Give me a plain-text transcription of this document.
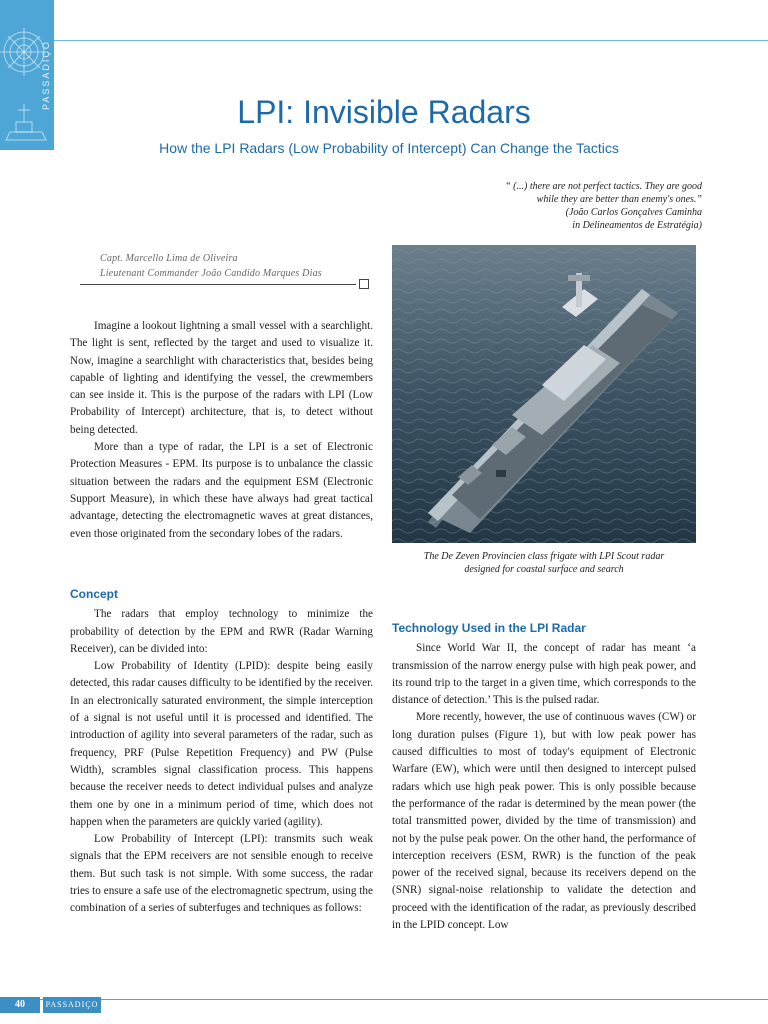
PASSADIÇO
LPI: Invisible Radars

How the LPI Radars (Low Probability of Intercept) Can Change the Tactics

“ (...) there are not perfect tactics. They are good

while they are better than enemy's ones.”

(João Carlos Gonçalves Caminha

in Delineamentos de Estratégia)

Capt. Marcello Lima de Oliveira

Lieutenant Commander João Candido Marques Dias

Imagine a lookout lightning a small vessel with a searchlight. The light is sent, reflected by the target and used to visualize it. Now, imagine a searchlight with characteristics that, besides being capable of lighting and identifying the vessel, the crewmembers can see inside it. This is the purpose of the radars with LPI (Low Probability of Intercept) architecture, that is, to detect without being detected.

More than a type of radar, the LPI is a set of Electronic Protection Measures - EPM. Its purpose is to unbalance the classic situation between the radars and the equipment ESM (Electronic Support Measure), in which these have always had great tactical advantage, detecting the electromagnetic waves at great distances, even those originated from the secondary lobes of the radars.

Concept

The radars that employ technology to minimize the probability of detection by the EPM and RWR (Radar Warning Receiver), can be divided into:

Low Probability of Identity (LPID): despite being easily detected, this radar causes difficulty to be identified by the receiver. In an electronically saturated environment, the simple interception of a signal is not useful until it is processed and identified. The introduction of agility into several parameters of the radar, such as frequency, PRF (Pulse Repetition Frequency) and PW (Pulse Width), scrambles signal classification process. This happens because the receiver needs to detect individual pulses and analyze them one by one in a minimum period of time, which does not happen when the parameters are quickly varied (agility).

Low Probability of Intercept (LPI): transmits such weak signals that the EPM receivers are not sensible enough to receive them. But such task is not simple. With some success, the radar tries to ensure a safe use of the electromagnetic spectrum, using the combination of a series of subterfuges and techniques as follows:

The De Zeven Provincien class frigate with LPI Scout radar

designed for coastal surface and search

Technology Used in the LPI Radar

Since World War II, the concept of radar has meant ‘a transmission of the narrow energy pulse with high peak power, and its round trip to the target in a given time, which corresponds to the distance of detection.’ This is the pulsed radar.

More recently, however, the use of continuous waves (CW) or long duration pulses (Figure 1), but with low peak power has caused difficulties to most of today's equipment of Electronic Warfare (EW), which were until then designed to intercept pulsed radars which use high peak power. This is only possible because the performance of the radar is determined by the mean power (the total transmitted power, divided by the time of transmission) and not by the pulse peak power. On the other hand, the performance of interception receivers (ESM, RWR) is the function of the peak power of the received signal, because its receivers depend on the (SNR) signal-noise relationship to validate the detection and proceed with the identification of the radar, as previously described in the LPID concept. Low

40	PASSADIÇO
